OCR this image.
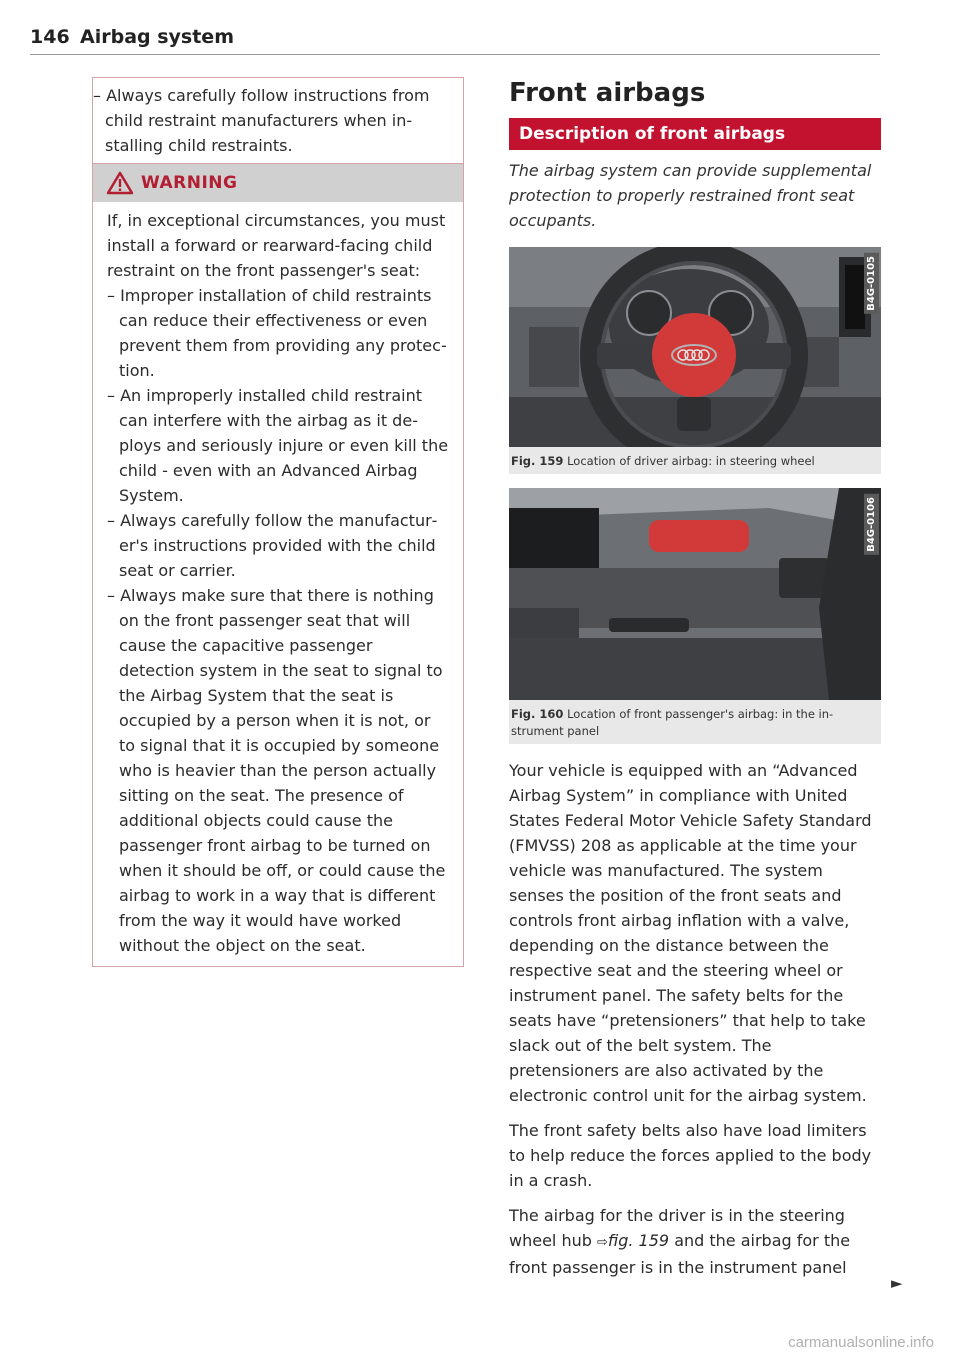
146 Airbag system
– Always carefully follow instructions from child restraint manufacturers when installing child restraints.
WARNING

If, in exceptional circumstances, you must install a forward or rearward-facing child restraint on the front passenger's seat:

– Improper installation of child restraints can reduce their effectiveness or even prevent them from providing any protection.

– An improperly installed child restraint can interfere with the airbag as it deploys and seriously injure or even kill the child - even with an Advanced Airbag System.

– Always carefully follow the manufacturer's instructions provided with the child seat or carrier.

– Always make sure that there is nothing on the front passenger seat that will cause the capacitive passenger detection system in the seat to signal to the Airbag System that the seat is occupied by a person when it is not, or to signal that it is occupied by someone who is heavier than the person actually sitting on the seat. The presence of additional objects could cause the passenger front airbag to be turned on when it should be off, or could cause the airbag to work in a way that is different from the way it would have worked without the object on the seat.

Front airbags
Description of front airbags
The airbag system can provide supplemental protection to properly restrained front seat occupants.
B4G-0105
Fig. 159 Location of driver airbag: in steering wheel
B4G-0106
Fig. 160 Location of front passenger's airbag: in the instrument panel

Your vehicle is equipped with an “Advanced Airbag System” in compliance with United States Federal Motor Vehicle Safety Standard (FMVSS) 208 as applicable at the time your vehicle was manufactured. The system senses the position of the front seats and controls front airbag inflation with a valve, depending on the distance between the respective seat and the steering wheel or instrument panel. The safety belts for the seats have “pretensioners” that help to take slack out of the belt system. The pretensioners are also activated by the electronic control unit for the airbag system.

The front safety belts also have load limiters to help reduce the forces applied to the body in a crash.

The airbag for the driver is in the steering wheel hub ⇨fig. 159 and the airbag for the front passenger is in the instrument panel

►
carmanualsonline.info
